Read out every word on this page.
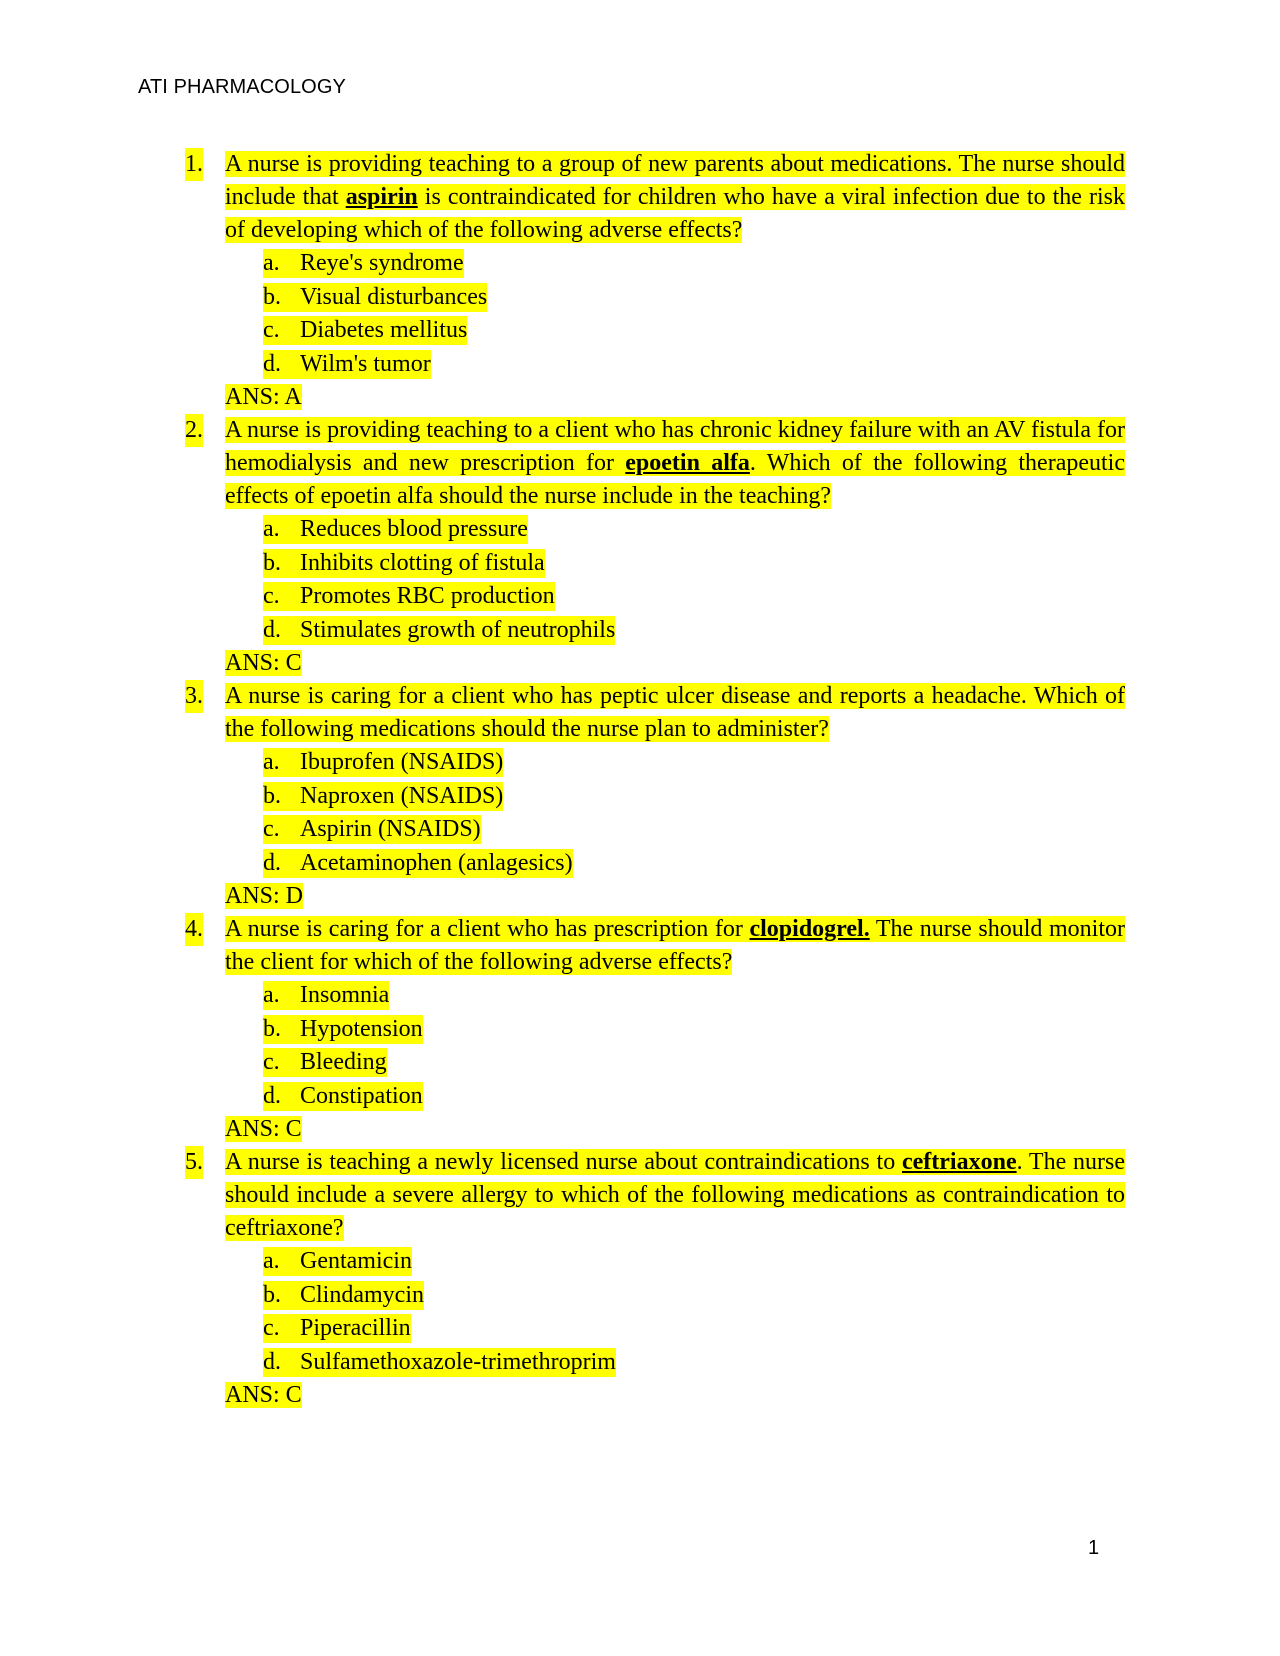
ATI PHARMACOLOGY
1. A nurse is providing teaching to a group of new parents about medications. The nurse should include that aspirin is contraindicated for children who have a viral infection due to the risk of developing which of the following adverse effects?

a. Reye's syndrome
b. Visual disturbances
c. Diabetes mellitus
d. Wilm's tumor

ANS: A

2. A nurse is providing teaching to a client who has chronic kidney failure with an AV fistula for hemodialysis and new prescription for epoetin alfa. Which of the following therapeutic effects of epoetin alfa should the nurse include in the teaching?

a. Reduces blood pressure
b. Inhibits clotting of fistula
c. Promotes RBC production
d. Stimulates growth of neutrophils

ANS: C

3. A nurse is caring for a client who has peptic ulcer disease and reports a headache. Which of the following medications should the nurse plan to administer?

a. Ibuprofen (NSAIDS)
b. Naproxen (NSAIDS)
c. Aspirin (NSAIDS)
d. Acetaminophen (anlagesics)

ANS: D

4. A nurse is caring for a client who has prescription for clopidogrel. The nurse should monitor the client for which of the following adverse effects?

a. Insomnia
b. Hypotension
c. Bleeding
d. Constipation

ANS: C

5. A nurse is teaching a newly licensed nurse about contraindications to ceftriaxone. The nurse should include a severe allergy to which of the following medications as contraindication to ceftriaxone?

a. Gentamicin
b. Clindamycin
c. Piperacillin
d. Sulfamethoxazole-trimethroprim

ANS: C

1
